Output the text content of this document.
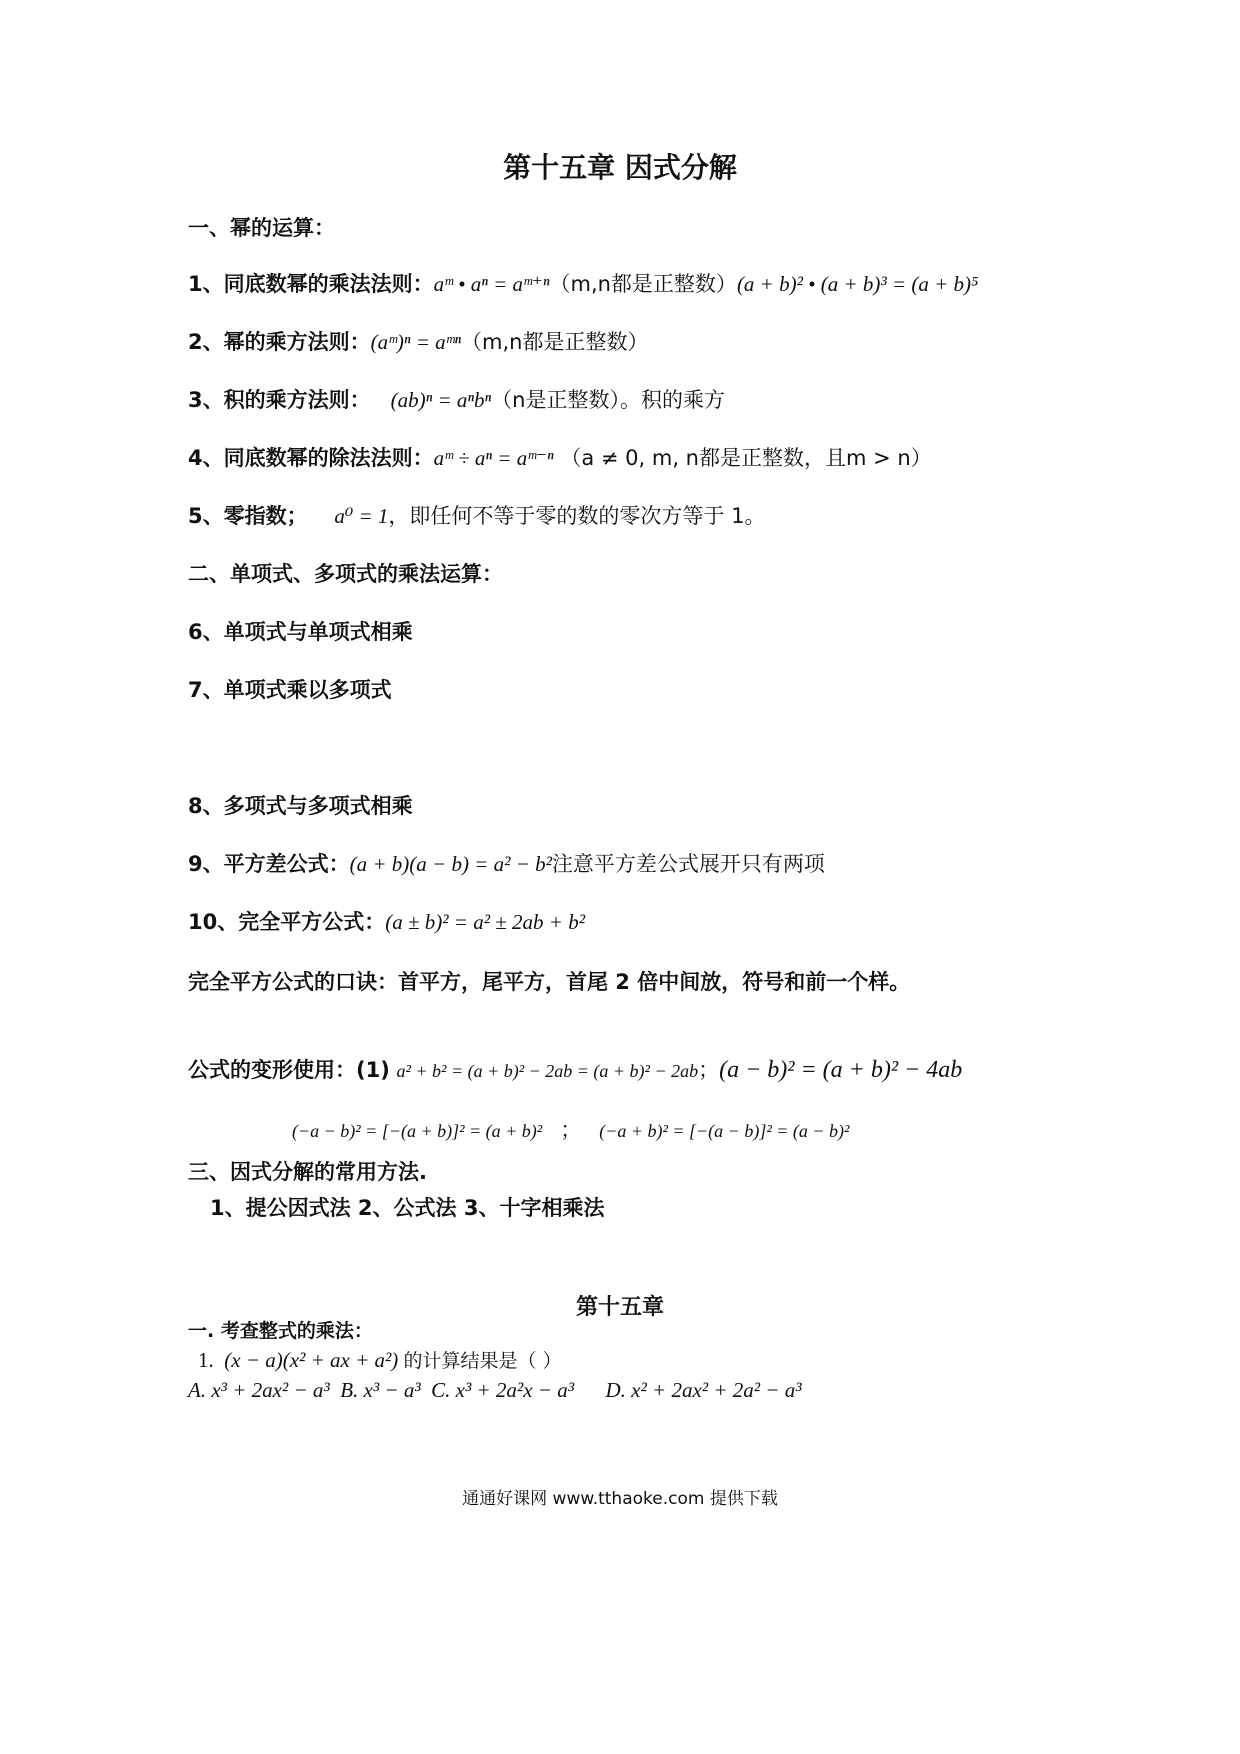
第十五章 因式分解
一、幂的运算：
1、同底数幂的乘法法则：aᵐ • aⁿ = aᵐ⁺ⁿ（m,n都是正整数）(a + b)² • (a + b)³ = (a + b)⁵
2、幂的乘方法则：(aᵐ)ⁿ = aᵐⁿ（m,n都是正整数）
3、积的乘方法则： (ab)ⁿ = aⁿbⁿ（n是正整数）。积的乘方
4、同底数幂的除法法则：aᵐ ÷ aⁿ = aᵐ⁻ⁿ （a ≠ 0, m, n都是正整数，且m > n）
5、零指数； a⁰ = 1，即任何不等于零的数的零次方等于 1。
二、单项式、多项式的乘法运算：
6、单项式与单项式相乘
7、单项式乘以多项式
8、多项式与多项式相乘
9、平方差公式：(a + b)(a − b) = a² − b²注意平方差公式展开只有两项
10、完全平方公式：(a ± b)² = a² ± 2ab + b²
完全平方公式的口诀：首平方，尾平方，首尾 2 倍中间放，符号和前一个样。
公式的变形使用：(1) a² + b² = (a + b)² − 2ab = (a + b)² − 2ab；(a − b)² = (a + b)² − 4ab
(−a − b)² = [−(a + b)]² = (a + b)² ； (−a + b)² = [−(a − b)]² = (a − b)²
三、因式分解的常用方法.
1、提公因式法 2、公式法 3、十字相乘法
第十五章
一. 考查整式的乘法：
1. (x − a)(x² + ax + a²) 的计算结果是（ ）
A. x³ + 2ax² − a³ B. x³ − a³ C. x³ + 2a²x − a³ D. x² + 2ax² + 2a² − a³
通通好课网 www.tthaoke.com 提供下载
